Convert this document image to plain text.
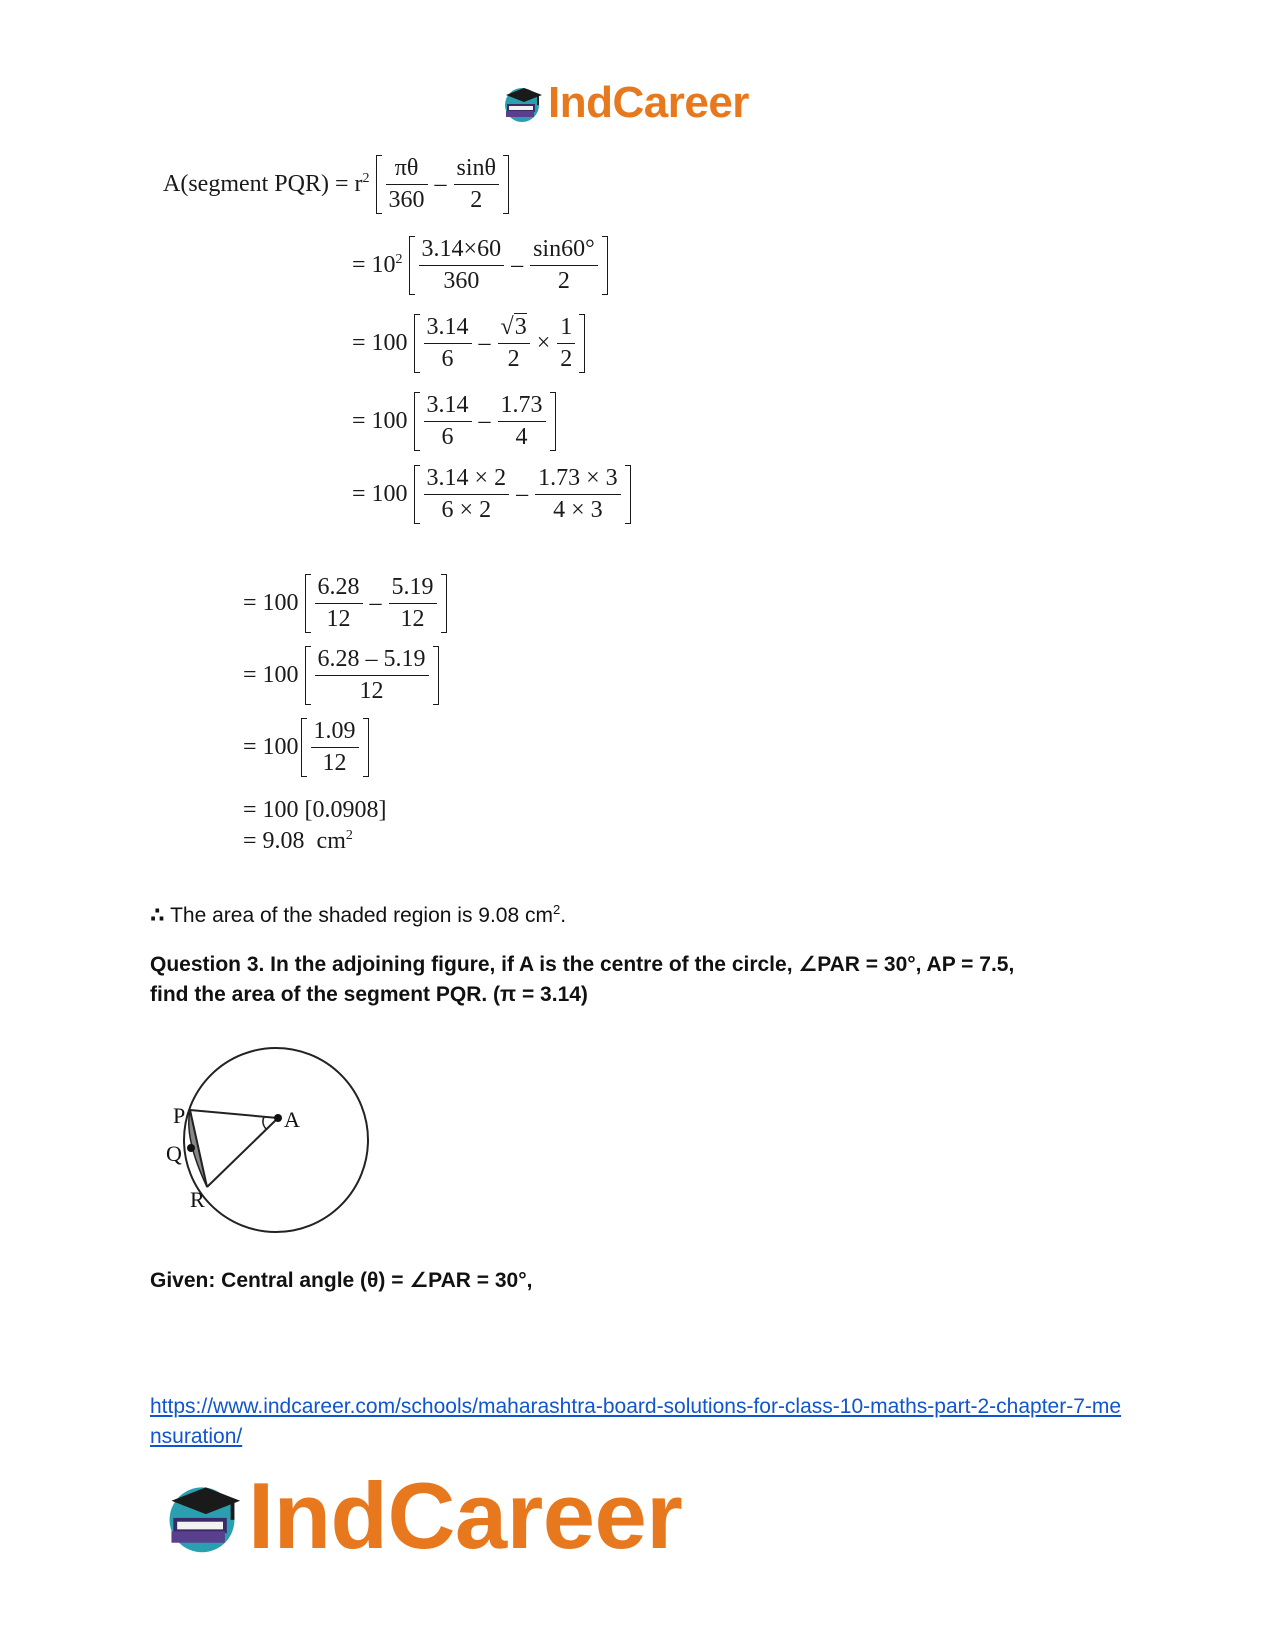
IndCareer
A(segment $PQR) = r^2 \frac{\pi\theta}{360} - \frac{\sin\theta}{2}$
= $10^2 \frac{3.14\times 60}{360} - \frac{\sin 60^\circ}{2}$
= $100 \frac{3.14}{6} - \frac{√3}{2} \times \frac{1}{2}$
= $100 \frac{3.14}{6} - \frac{1.73}{4}$
= $100 \frac{3.14 \times 2}{6 \times 2} - \frac{1.73 \times 3}{4 \times 3}$
= $100 \frac{6.28}{12} - \frac{5.19}{12}$
= $100 \frac{6.28 - 5.19}{12}$
= $100 \frac{1.09}{12}$
= 100 [0.0908]
= 9.08  $cm^2$
∴ The area of the shaded region is 9.08 $cm^2$.
Question 3. In the adjoining figure, if A is the centre of the circle, ∠PAR = 30°, AP = 7.5,
find the area of the segment PQR. (π = 3.14)
P
Q
R
A
Given: Central angle (θ) = ∠PAR = 30°,
https://www.indcareer.com/schools/maharashtra-board-solutions-for-class-10-maths-part-2-chapter-7-mensuration/
IndCareer
